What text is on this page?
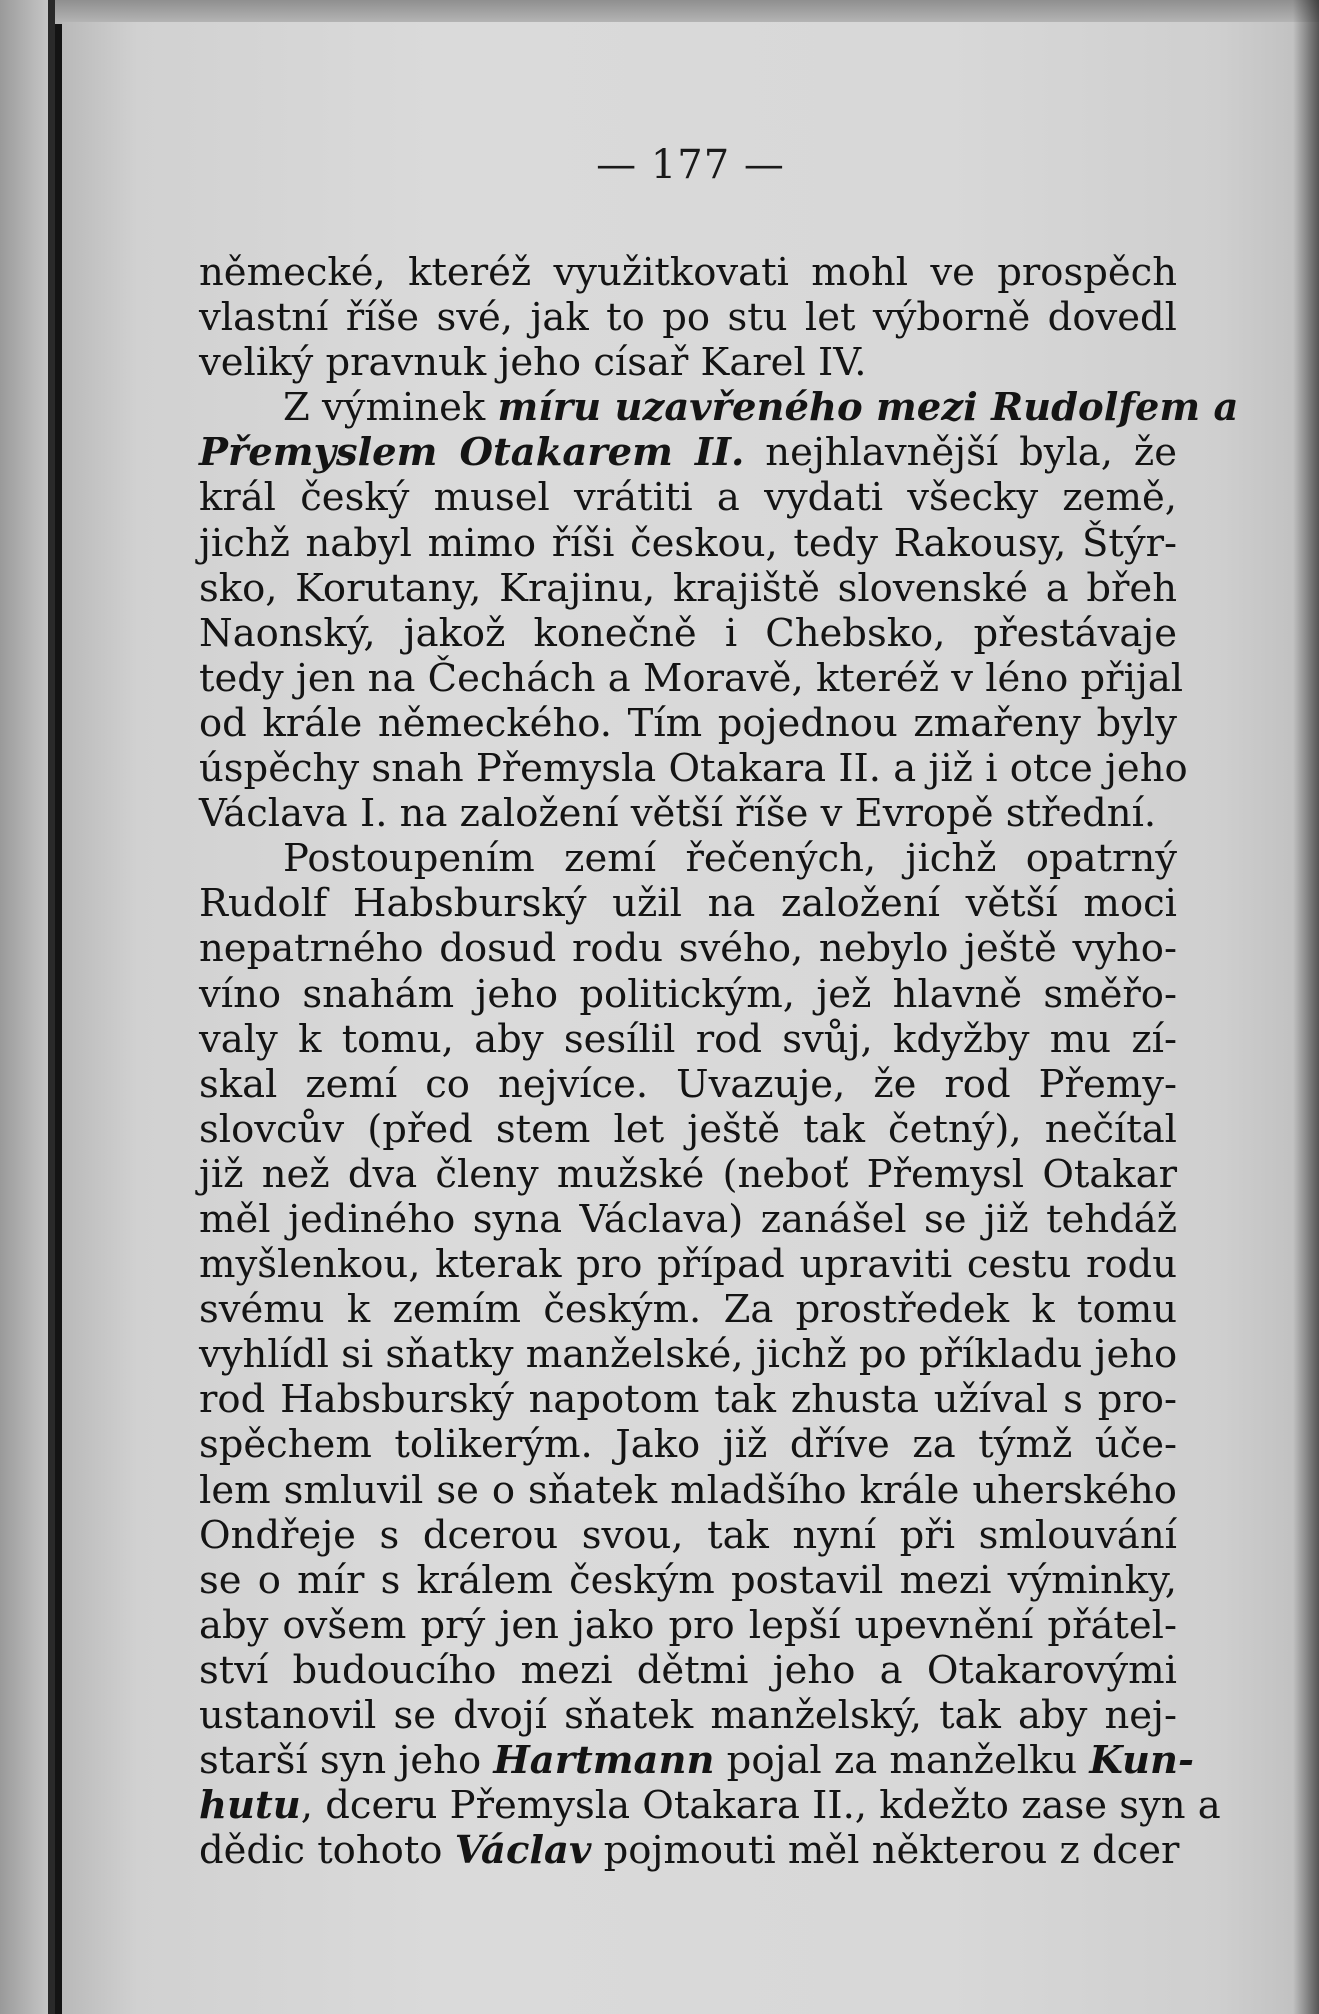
— 177 —
německé, kteréž využitkovati mohl ve prospěch
vlastní říše své, jak to po stu let výborně dovedl
veliký pravnuk jeho císař Karel IV.
Z výminek míru uzavřeného mezi Rudolfem a
Přemyslem Otakarem II. nejhlavnější byla, že
král český musel vrátiti a vydati všecky země,
jichž nabyl mimo říši českou, tedy Rakousy, Štýr-
sko, Korutany, Krajinu, krajiště slovenské a břeh
Naonský, jakož konečně i Chebsko, přestávaje
tedy jen na Čechách a Moravě, kteréž v léno přijal
od krále německého. Tím pojednou zmařeny byly
úspěchy snah Přemysla Otakara II. a již i otce jeho
Václava I. na založení větší říše v Evropě střední.
Postoupením zemí řečených, jichž opatrný
Rudolf Habsburský užil na založení větší moci
nepatrného dosud rodu svého, nebylo ještě vyho-
víno snahám jeho politickým, jež hlavně směřo-
valy k tomu, aby sesílil rod svůj, kdyžby mu zí-
skal zemí co nejvíce. Uvazuje, že rod Přemy-
slovcův (před stem let ještě tak četný), nečítal
již než dva členy mužské (neboť Přemysl Otakar
měl jediného syna Václava) zanášel se již tehdáž
myšlenkou, kterak pro případ upraviti cestu rodu
svému k zemím českým. Za prostředek k tomu
vyhlídl si sňatky manželské, jichž po příkladu jeho
rod Habsburský napotom tak zhusta užíval s pro-
spěchem tolikerým. Jako již dříve za týmž úče-
lem smluvil se o sňatek mladšího krále uherského
Ondřeje s dcerou svou, tak nyní při smlouvání
se o mír s králem českým postavil mezi výminky,
aby ovšem prý jen jako pro lepší upevnění přátel-
ství budoucího mezi dětmi jeho a Otakarovými
ustanovil se dvojí sňatek manželský, tak aby nej-
starší syn jeho Hartmann pojal za manželku Kun-
hutu, dceru Přemysla Otakara II., kdežto zase syn a
dědic tohoto Václav pojmouti měl některou z dcer
